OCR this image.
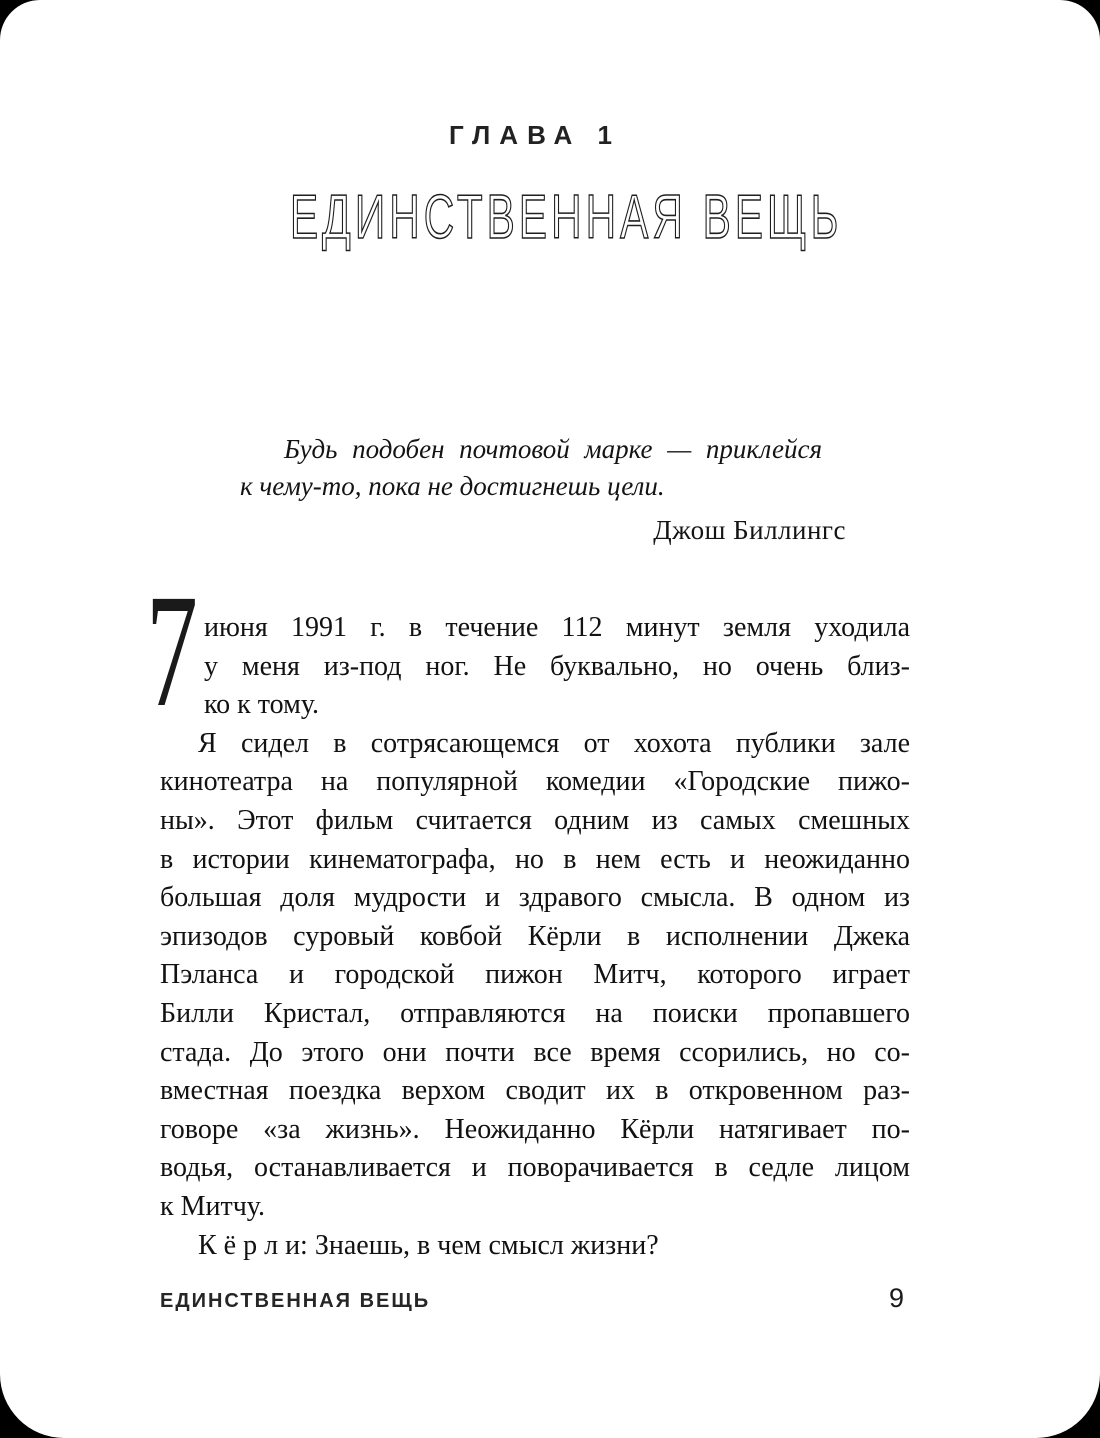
ГЛАВА 1
ЕДИНСТВЕННАЯ ВЕЩЬ
Будь подобен почтовой марке — приклейся
к чему-то, пока не достигнешь цели.
Джош Биллингс
7 июня 1991 г. в течение 112 минут земля уходила
у меня из-под ног. Не буквально, но очень близ-
ко к тому.
Я сидел в сотрясающемся от хохота публики зале
кинотеатра на популярной комедии «Городские пижо-
ны». Этот фильм считается одним из самых смешных
в истории кинематографа, но в нем есть и неожиданно
большая доля мудрости и здравого смысла. В одном из
эпизодов суровый ковбой Кёрли в исполнении Джека
Пэланса и городской пижон Митч, которого играет
Билли Кристал, отправляются на поиски пропавшего
стада. До этого они почти все время ссорились, но со-
вместная поездка верхом сводит их в откровенном раз-
говоре «за жизнь». Неожиданно Кёрли натягивает по-
водья, останавливается и поворачивается в седле лицом
к Митчу.
К ё р л и: Знаешь, в чем смысл жизни?
ЕДИНСТВЕННАЯ ВЕЩЬ	9
